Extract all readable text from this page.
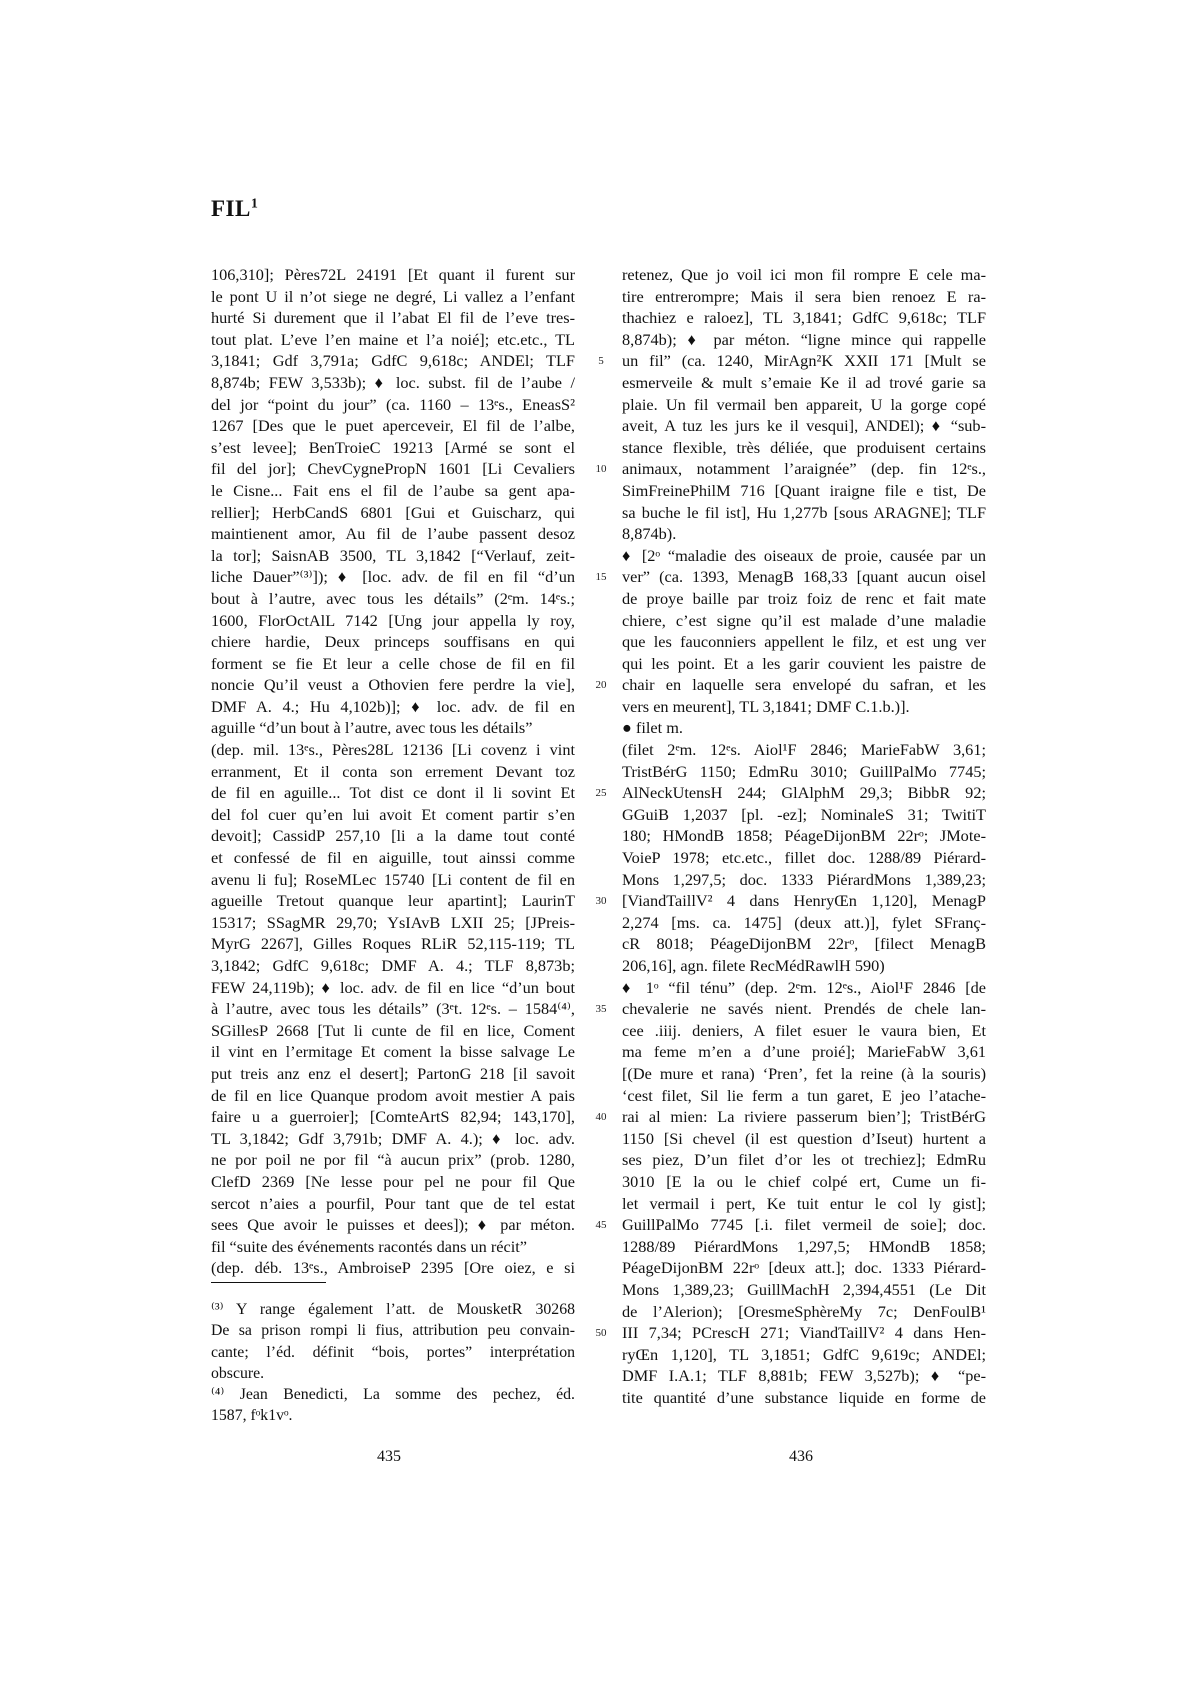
FIL$^1$
106,310]; Pères72L 24191 [Et quant il furent sur
le pont U il n’ot siege ne degré, Li vallez a l’enfant
hurté Si durement que il l’abat El fil de l’eve tres-
tout plat. L’eve l’en maine et l’a noié]; etc.etc., TL
3,1841; Gdf 3,791a; GdfC 9,618c; ANDEl; TLF
8,874b; FEW 3,533b); ♦ loc. subst. fil de l’aube /
del jor “point du jour” (ca. 1160 – 13ᵉs., EneasS²
1267 [Des que le puet aperceveir, El fil de l’albe,
s’est levee]; BenTroieC 19213 [Armé se sont el
fil del jor]; ChevCygnePropN 1601 [Li Cevaliers
le Cisne... Fait ens el fil de l’aube sa gent apa-
rellier]; HerbCandS 6801 [Gui et Guischarz, qui
maintienent amor, Au fil de l’aube passent desoz
la tor]; SaisnAB 3500, TL 3,1842 [“Verlauf, zeit-
liche Dauer”⁽³⁾]); ♦ [loc. adv. de fil en fil “d’un
bout à l’autre, avec tous les détails” (2ᵉm. 14ᵉs.;
1600, FlorOctAlL 7142 [Ung jour appella ly roy,
chiere hardie, Deux princeps souffisans en qui
forment se fie Et leur a celle chose de fil en fil
noncie Qu’il veust a Othovien fere perdre la vie],
DMF A. 4.; Hu 4,102b)]; ♦ loc. adv. de fil en
aguille “d’un bout à l’autre, avec tous les détails”
(dep. mil. 13ᵉs., Pères28L 12136 [Li covenz i vint
erranment, Et il conta son errement Devant toz
de fil en aguille... Tot dist ce dont il li sovint Et
del fol cuer qu’en lui avoit Et coment partir s’en
devoit]; CassidP 257,10 [li a la dame tout conté
et confessé de fil en aiguille, tout ainssi comme
avenu li fu]; RoseMLec 15740 [Li content de fil en
agueille Tretout quanque leur apartint]; LaurinT
15317; SSagMR 29,70; YsIAvB LXII 25; [JPreis-
MyrG 2267], Gilles Roques RLiR 52,115-119; TL
3,1842; GdfC 9,618c; DMF A. 4.; TLF 8,873b;
FEW 24,119b); ♦ loc. adv. de fil en lice “d’un bout
à l’autre, avec tous les détails” (3ᵉt. 12ᵉs. – 1584⁽⁴⁾,
SGillesP 2668 [Tut li cunte de fil en lice, Coment
il vint en l’ermitage Et coment la bisse salvage Le
put treis anz enz el desert]; PartonG 218 [il savoit
de fil en lice Quanque prodom avoit mestier A pais
faire u a guerroier]; [ComteArtS 82,94; 143,170],
TL 3,1842; Gdf 3,791b; DMF A. 4.); ♦ loc. adv.
ne por poil ne por fil “à aucun prix” (prob. 1280,
ClefD 2369 [Ne lesse pour pel ne pour fil Que
sercot n’aies a pourfil, Pour tant que de tel estat
sees Que avoir le puisses et dees]); ♦ par méton.
fil “suite des événements racontés dans un récit”
(dep. déb. 13ᵉs., AmbroiseP 2395 [Ore oiez, e si
retenez, Que jo voil ici mon fil rompre E cele ma-
tire entrerompre; Mais il sera bien renoez E ra-
thachiez e raloez], TL 3,1841; GdfC 9,618c; TLF
8,874b); ♦ par méton. “ligne mince qui rappelle
un fil” (ca. 1240, MirAgn²K XXII 171 [Mult se
esmerveile & mult s’emaie Ke il ad trové garie sa
plaie. Un fil vermail ben appareit, U la gorge copé
aveit, A tuz les jurs ke il vesqui], ANDEl); ♦ “sub-
stance flexible, très déliée, que produisent certains
animaux, notamment l’araignée” (dep. fin 12ᵉs.,
SimFreinePhilM 716 [Quant iraigne file e tist, De
sa buche le fil ist], Hu 1,277b [sous ARAGNE]; TLF
8,874b).
♦ [2ᵒ “maladie des oiseaux de proie, causée par un
ver” (ca. 1393, MenagB 168,33 [quant aucun oisel
de proye baille par troiz foiz de renc et fait mate
chiere, c’est signe qu’il est malade d’une maladie
que les fauconniers appellent le filz, et est ung ver
qui les point. Et a les garir couvient les paistre de
chair en laquelle sera envelopé du safran, et les
vers en meurent], TL 3,1841; DMF C.1.b.)].
● filet m.
(filet 2ᵉm. 12ᵉs. Aiol¹F 2846; MarieFabW 3,61;
TristBérG 1150; EdmRu 3010; GuillPalMo 7745;
AlNeckUtensH 244; GlAlphM 29,3; BibbR 92;
GGuiB 1,2037 [pl. -ez]; NominaleS 31; TwitiT
180; HMondB 1858; PéageDijonBM 22rᵒ; JMote-
VoieP 1978; etc.etc., fillet doc. 1288/89 Piérard-
Mons 1,297,5; doc. 1333 PiérardMons 1,389,23;
[ViandTaillV² 4 dans HenryŒn 1,120], MenagP
2,274 [ms. ca. 1475] (deux att.)], fylet SFranç-
cR 8018; PéageDijonBM 22rᵒ, [filect MenagB
206,16], agn. filete RecMédRawlH 590)
♦ 1ᵒ “fil ténu” (dep. 2ᵉm. 12ᵉs., Aiol¹F 2846 [de
chevalerie ne savés nient. Prendés de chele lan-
cee .iiij. deniers, A filet esuer le vaura bien, Et
ma feme m’en a d’une proié]; MarieFabW 3,61
[(De mure et rana) ‘Pren’, fet la reine (à la souris)
‘cest filet, Sil lie ferm a tun garet, E jeo l’atache-
rai al mien: La riviere passerum bien’]; TristBérG
1150 [Si chevel (il est question d’Iseut) hurtent a
ses piez, D’un filet d’or les ot trechiez]; EdmRu
3010 [E la ou le chief colpé ert, Cume un fi-
let vermail i pert, Ke tuit entur le col ly gist];
GuillPalMo 7745 [.i. filet vermeil de soie]; doc.
1288/89 PiérardMons 1,297,5; HMondB 1858;
PéageDijonBM 22rᵒ [deux att.]; doc. 1333 Piérard-
Mons 1,389,23; GuillMachH 2,394,4551 (Le Dit
de l’Alerion); [OresmeSphèreMy 7c; DenFoulB¹
III 7,34; PCrescH 271; ViandTaillV² 4 dans Hen-
ryŒn 1,120], TL 3,1851; GdfC 9,619c; ANDEl;
DMF I.A.1; TLF 8,881b; FEW 3,527b); ♦ “pe-
tite quantité d’une substance liquide en forme de
⁽³⁾ Y range également l’att. de MousketR 30268
De sa prison rompi li fius, attribution peu convain-
cante; l’éd. définit “bois, portes” interprétation
obscure.
⁽⁴⁾ Jean Benedicti, La somme des pechez, éd.
1587, fᵒk1vᵒ.
5
10
15
20
25
30
35
40
45
50
435	436
